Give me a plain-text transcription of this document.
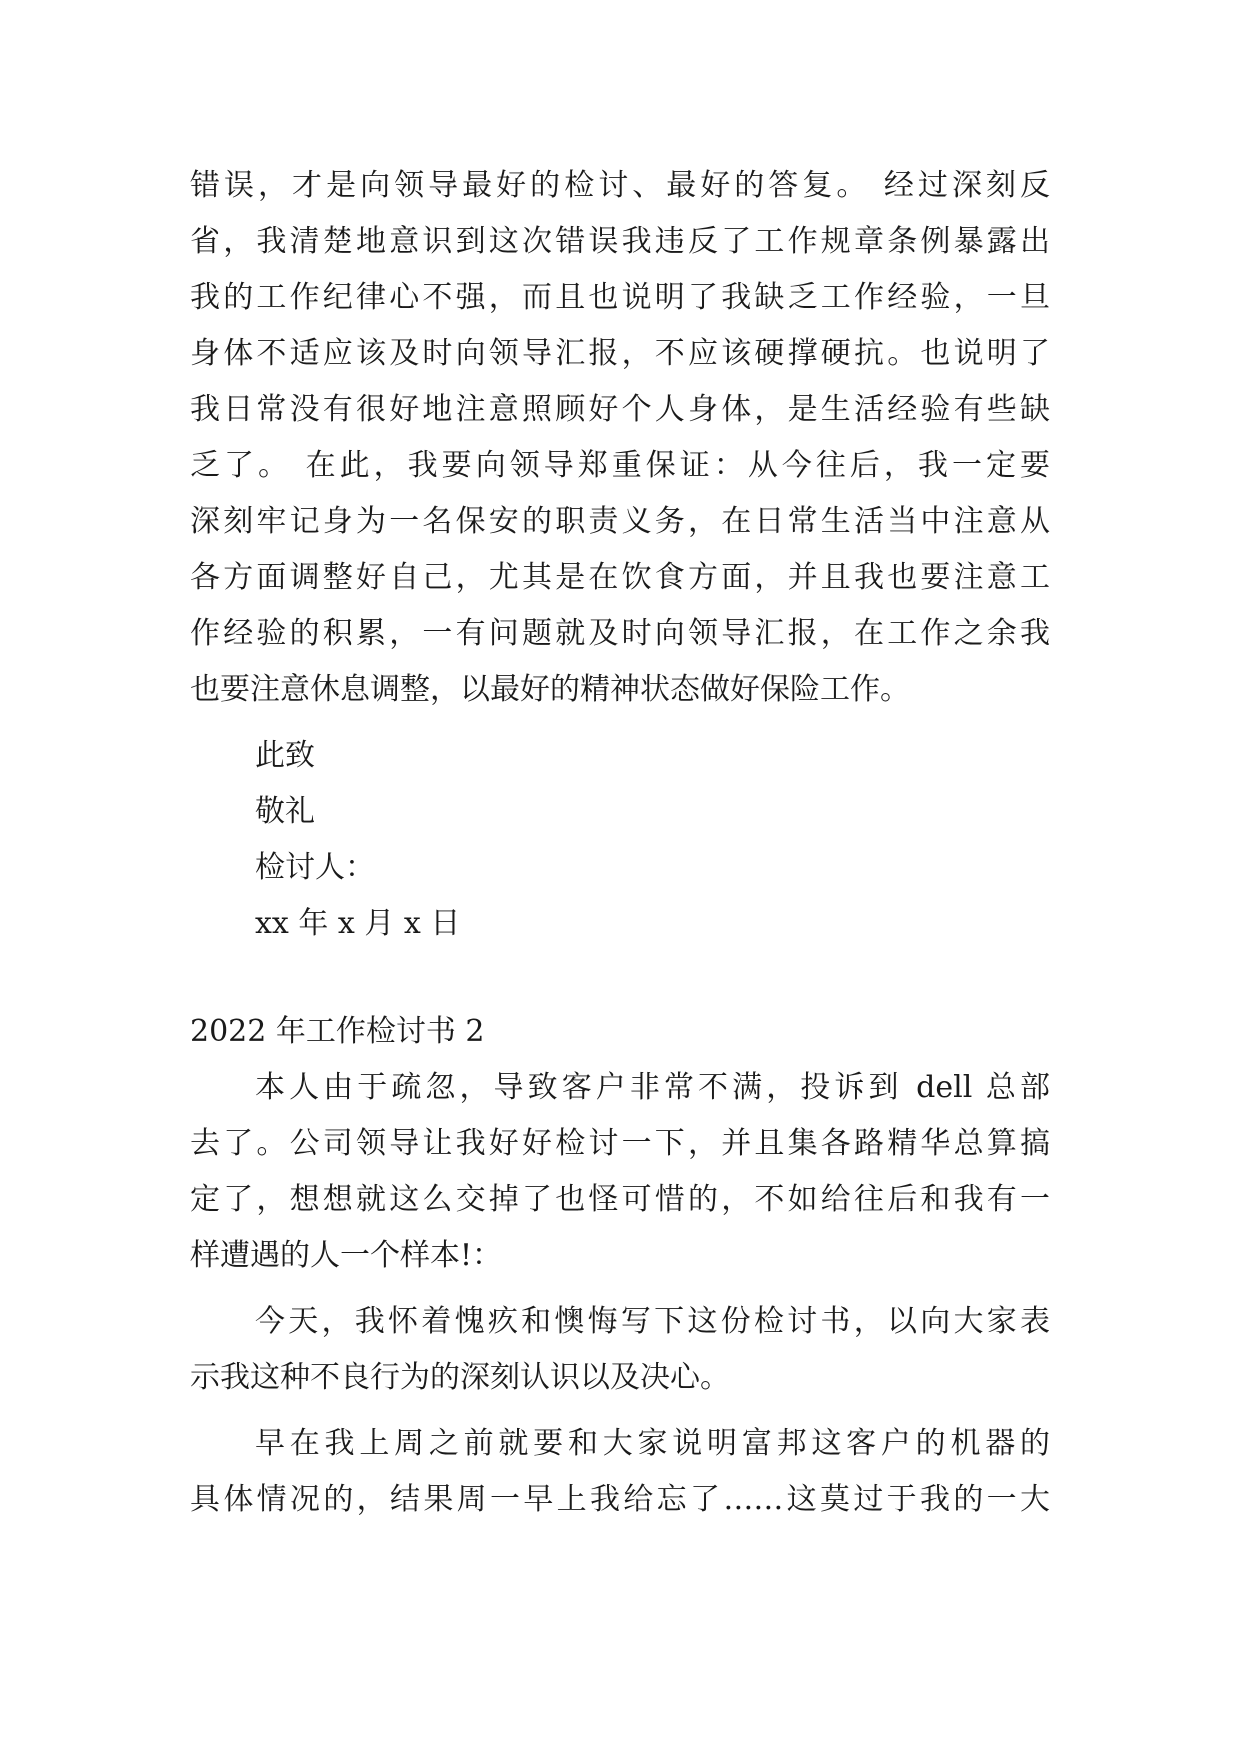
错误，才是向领导最好的检讨、最好的答复。 经过深刻反
省，我清楚地意识到这次错误我违反了工作规章条例暴露出
我的工作纪律心不强，而且也说明了我缺乏工作经验，一旦
身体不适应该及时向领导汇报，不应该硬撑硬抗。也说明了
我日常没有很好地注意照顾好个人身体，是生活经验有些缺
乏了。 在此，我要向领导郑重保证：从今往后，我一定要
深刻牢记身为一名保安的职责义务，在日常生活当中注意从
各方面调整好自己，尤其是在饮食方面，并且我也要注意工
作经验的积累，一有问题就及时向领导汇报，在工作之余我
也要注意休息调整，以最好的精神状态做好保险工作。
此致
敬礼
检讨人：
xx 年 x 月 x 日
2022 年工作检讨书 2
本人由于疏忽，导致客户非常不满，投诉到 dell 总部
去了。公司领导让我好好检讨一下，并且集各路精华总算搞
定了，想想就这么交掉了也怪可惜的，不如给往后和我有一
样遭遇的人一个样本!：
今天，我怀着愧疚和懊悔写下这份检讨书，以向大家表
示我这种不良行为的深刻认识以及决心。
早在我上周之前就要和大家说明富邦这客户的机器的
具体情况的，结果周一早上我给忘了……这莫过于我的一大
